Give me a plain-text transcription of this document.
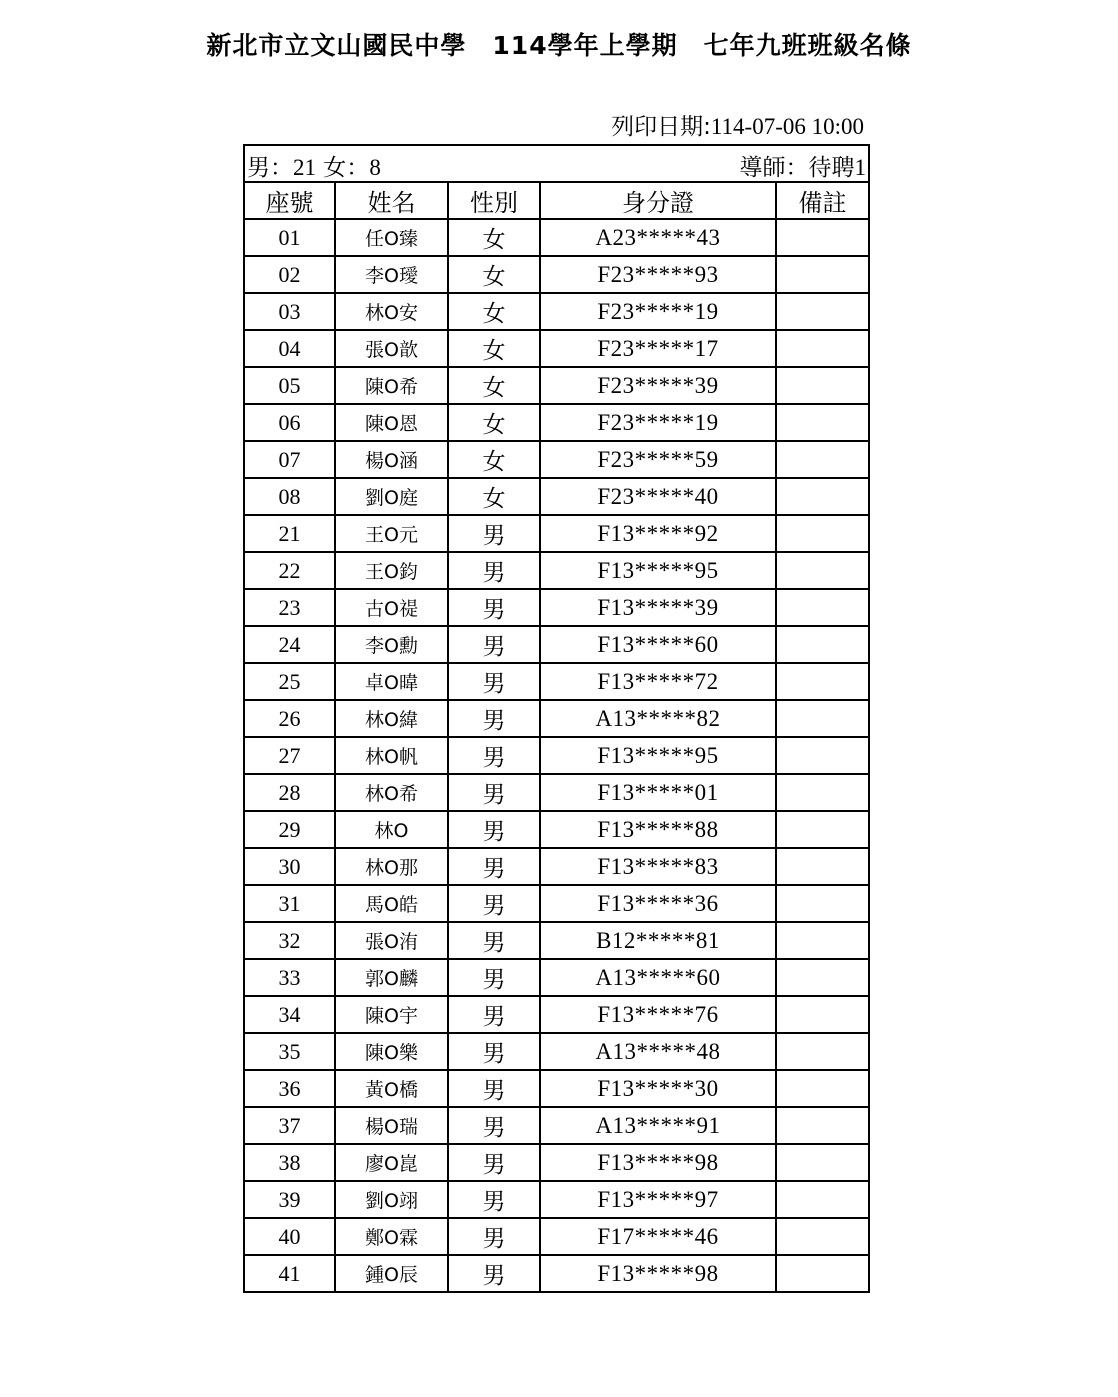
新北市立文山國民中學　114學年上學期　七年九班班級名條
列印日期:114-07-06 10:00
男：21 女：8 導師：待聘1				

座號	姓名	性別	身分證	備註
01	任O臻	女	A23*****43	
02	李O璦	女	F23*****93	
03	林O安	女	F23*****19	
04	張O歆	女	F23*****17	
05	陳O希	女	F23*****39	
06	陳O恩	女	F23*****19	
07	楊O涵	女	F23*****59	
08	劉O庭	女	F23*****40	
21	王O元	男	F13*****92	
22	王O鈞	男	F13*****95	
23	古O禔	男	F13*****39	
24	李O勳	男	F13*****60	
25	卓O暐	男	F13*****72	
26	林O緯	男	A13*****82	
27	林O帆	男	F13*****95	
28	林O希	男	F13*****01	
29	林O	男	F13*****88	
30	林O那	男	F13*****83	
31	馬O皓	男	F13*****36	
32	張O洧	男	B12*****81	
33	郭O麟	男	A13*****60	
34	陳O宇	男	F13*****76	
35	陳O樂	男	A13*****48	
36	黃O橋	男	F13*****30	
37	楊O瑞	男	A13*****91	
38	廖O崑	男	F13*****98	
39	劉O翊	男	F13*****97	
40	鄭O霖	男	F17*****46	
41	鍾O辰	男	F13*****98	
